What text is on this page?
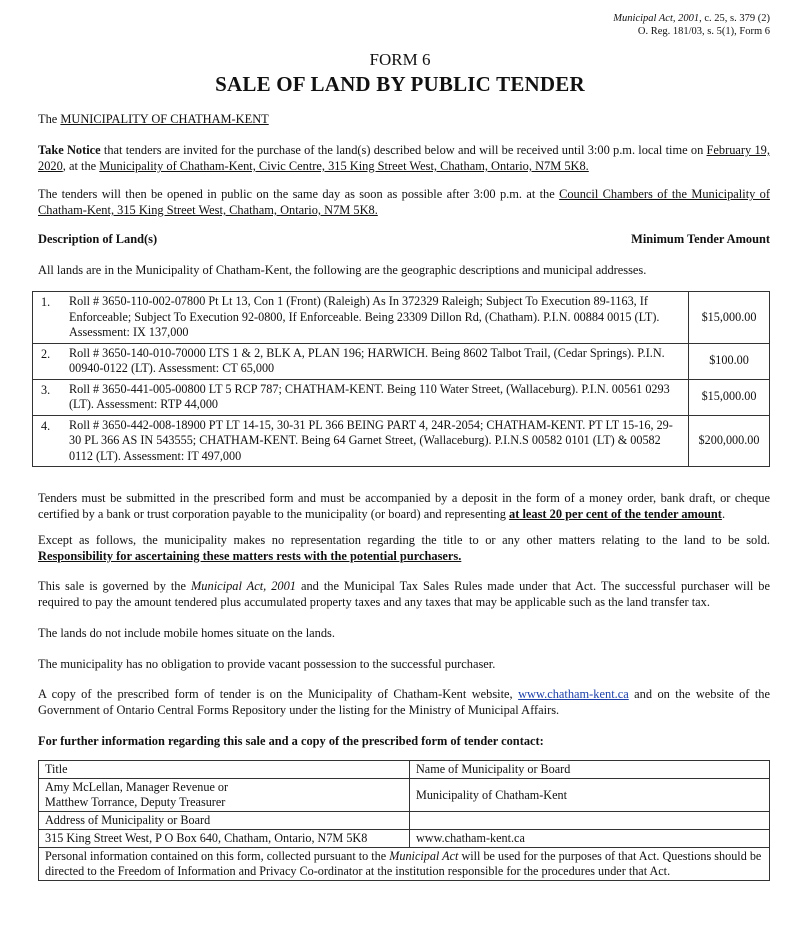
Municipal Act, 2001, c. 25, s. 379 (2)
O. Reg. 181/03, s. 5(1), Form 6
FORM 6
SALE OF LAND BY PUBLIC TENDER
The MUNICIPALITY OF CHATHAM-KENT
Take Notice that tenders are invited for the purchase of the land(s) described below and will be received until 3:00 p.m. local time on February 19, 2020, at the Municipality of Chatham-Kent, Civic Centre, 315 King Street West, Chatham, Ontario, N7M 5K8.
The tenders will then be opened in public on the same day as soon as possible after 3:00 p.m. at the Council Chambers of the Municipality of Chatham-Kent, 315 King Street West, Chatham, Ontario, N7M 5K8.
Description of Land(s)	Minimum Tender Amount
All lands are in the Municipality of Chatham-Kent, the following are the geographic descriptions and municipal addresses.
1.	Roll # 3650-110-002-07800 Pt Lt 13, Con 1 (Front) (Raleigh) As In 372329 Raleigh; Subject To Execution 89-1163, If Enforceable; Subject To Execution 92-0800, If Enforceable. Being 23309 Dillon Rd, (Chatham). P.I.N. 00884 0015 (LT). Assessment: IX 137,000	$15,000.00
2.	Roll # 3650-140-010-70000 LTS 1 & 2, BLK A, PLAN 196; HARWICH. Being 8602 Talbot Trail, (Cedar Springs). P.I.N. 00940-0122 (LT). Assessment: CT 65,000	$100.00
3.	Roll # 3650-441-005-00800 LT 5 RCP 787; CHATHAM-KENT. Being 110 Water Street, (Wallaceburg). P.I.N. 00561 0293 (LT). Assessment: RTP 44,000	$15,000.00
4.	Roll # 3650-442-008-18900 PT LT 14-15, 30-31 PL 366 BEING PART 4, 24R-2054; CHATHAM-KENT. PT LT 15-16, 29-30 PL 366 AS IN 543555; CHATHAM-KENT. Being 64 Garnet Street, (Wallaceburg). P.I.N.S 00582 0101 (LT) & 00582 0112 (LT). Assessment: IT 497,000	$200,000.00
Tenders must be submitted in the prescribed form and must be accompanied by a deposit in the form of a money order, bank draft, or cheque certified by a bank or trust corporation payable to the municipality (or board) and representing at least 20 per cent of the tender amount.
Except as follows, the municipality makes no representation regarding the title to or any other matters relating to the land to be sold. Responsibility for ascertaining these matters rests with the potential purchasers.
This sale is governed by the Municipal Act, 2001 and the Municipal Tax Sales Rules made under that Act. The successful purchaser will be required to pay the amount tendered plus accumulated property taxes and any taxes that may be applicable such as the land transfer tax.
The lands do not include mobile homes situate on the lands.
The municipality has no obligation to provide vacant possession to the successful purchaser.
A copy of the prescribed form of tender is on the Municipality of Chatham-Kent website, www.chatham-kent.ca and on the website of the Government of Ontario Central Forms Repository under the listing for the Ministry of Municipal Affairs.
For further information regarding this sale and a copy of the prescribed form of tender contact:
Title	Name of Municipality or Board

Amy McLellan, Manager Revenue or
Matthew Torrance, Deputy Treasurer	Municipality of Chatham-Kent
Address of Municipality or Board	
315 King Street West, P O Box 640, Chatham, Ontario, N7M 5K8	www.chatham-kent.ca
Personal information contained on this form, collected pursuant to the Municipal Act will be used for the purposes of that Act. Questions should be directed to the Freedom of Information and Privacy Co-ordinator at the institution responsible for the procedures under that Act.	
